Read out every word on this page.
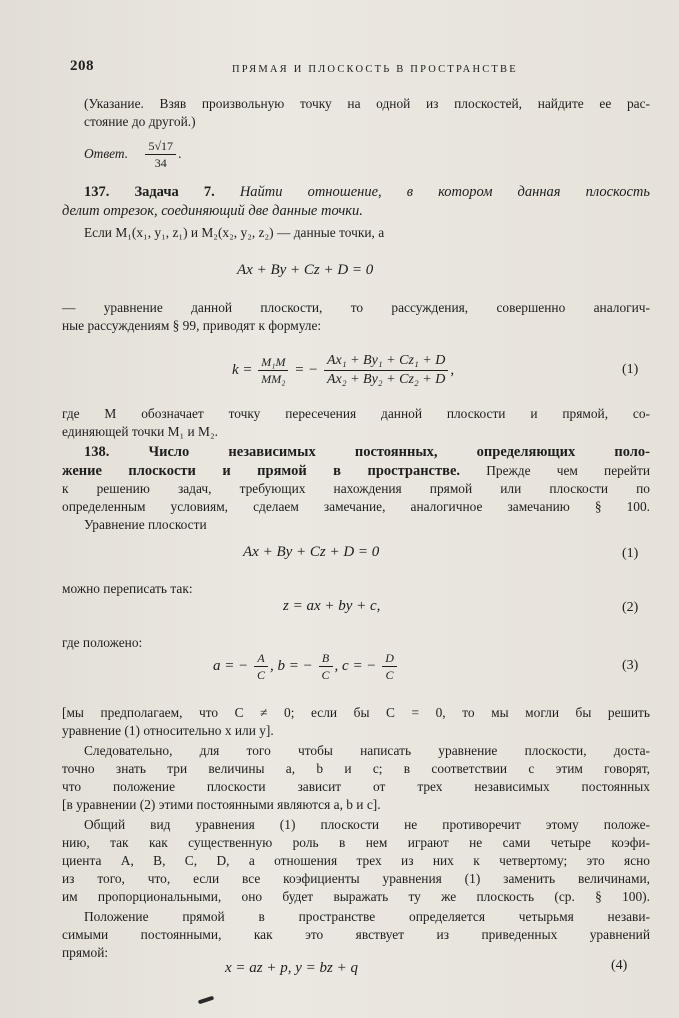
208	ПРЯМАЯ И ПЛОСКОСТЬ В ПРОСТРАНСТВЕ
(Указание. Взяв произвольную точку на одной из плоскостей, найдите ее рас-
стояние до другой.)
Ответ. $\frac{5√17}{34}$ .
137. Задача 7. Найти отношение, в котором данная плоскость
делит отрезок, соединяющий две данные точки.
Если M₁(x₁, y₁, z₁) и M₂(x₂, y₂, z₂) — данные точки, а
Ax + By + Cz + D = 0
— уравнение данной плоскости, то рассуждения, совершенно аналогич-
ные рассуждениям § 99, приводят к формуле:
$k = \frac{\text{M₁M}}{\text{MM₂}}$ = − $\frac{\text{Ax₁ + By₁ + Cz₁ + D}}{\text{Ax₂ + By₂ + Cz₂ + D}}$ ,	(1)
где M обозначает точку пересечения данной плоскости и прямой, со-
единяющей точки M₁ и M₂.
138. Число независимых постоянных, определяющих поло-
жение плоскости и прямой в пространстве. Прежде чем перейти
к решению задач, требующих нахождения прямой или плоскости по
определенным условиям, сделаем замечание, аналогичное замечанию § 100.
Уравнение плоскости
Ax + By + Cz + D = 0	(1)
можно переписать так:
z = ax + by + c,	(2)
где положено:
a = − $\frac{A}{C}$ , b = − $\frac{B}{C}$ , c = − $\frac{D}{C}$	(3)
[мы предполагаем, что C ≠ 0; если бы C = 0, то мы могли бы решить
уравнение (1) относительно x или y].
Следовательно, для того чтобы написать уравнение плоскости, доста-
точно знать три величины a, b и c; в соответствии с этим говорят,
что положение плоскости зависит от трех независимых постоянных
[в уравнении (2) этими постоянными являются a, b и c].
Общий вид уравнения (1) плоскости не противоречит этому положе-
нию, так как существенную роль в нем играют не сами четыре коэфи-
циента A, B, C, D, а отношения трех из них к четвертому; это ясно
из того, что, если все коэфициенты уравнения (1) заменить величинами,
им пропорциональными, оно будет выражать ту же плоскость (ср. § 100).
Положение прямой в пространстве определяется четырьмя незави-
симыми постоянными, как это явствует из приведенных уравнений
прямой:
x = az + p, y = bz + q	(4)
